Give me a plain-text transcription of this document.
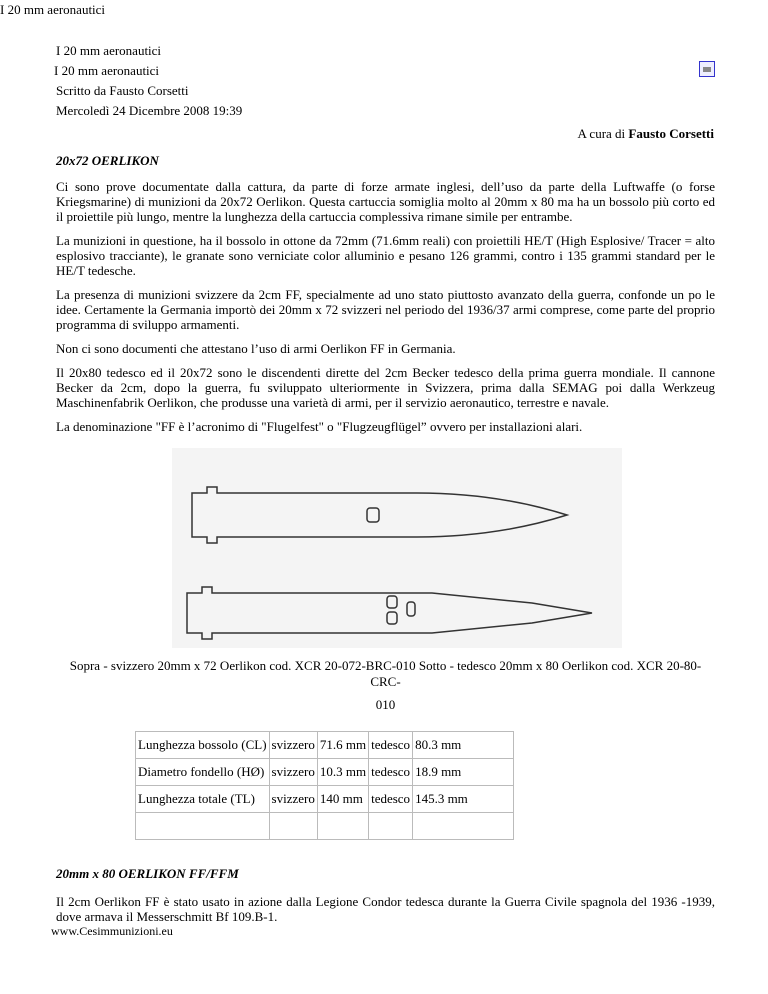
I 20 mm aeronautici
I 20 mm aeronautici
I 20 mm aeronautici
Scritto da Fausto Corsetti
Mercoledì 24 Dicembre 2008 19:39
A cura di Fausto Corsetti
20x72 OERLIKON

Ci sono prove documentate dalla cattura, da parte di forze armate inglesi, dell’uso da parte della Luftwaffe (o forse Kriegsmarine) di munizioni da 20x72 Oerlikon. Questa cartuccia somiglia molto al 20mm x 80 ma ha un bossolo più corto ed il proiettile più lungo, mentre la lunghezza della cartuccia complessiva rimane simile per entrambe.

La munizioni in questione, ha il bossolo in ottone da 72mm (71.6mm reali) con proiettili HE/T (High Esplosive/ Tracer = alto esplosivo tracciante), le granate sono verniciate color alluminio e pesano 126 grammi, contro i 135 grammi standard per le HE/T tedesche.

La presenza di munizioni svizzere da 2cm FF, specialmente ad uno stato piuttosto avanzato della guerra, confonde un po le idee. Certamente la Germania importò dei 20mm x 72 svizzeri nel periodo del 1936/37 armi comprese, come parte del proprio programma di sviluppo armamenti.

Non ci sono documenti che attestano l’uso di armi Oerlikon FF in Germania.

Il 20x80 tedesco ed il 20x72 sono le discendenti dirette del 2cm Becker tedesco della prima guerra mondiale. Il cannone Becker da 2cm, dopo la guerra, fu sviluppato ulteriormente in Svizzera, prima dalla SEMAG poi dalla Werkzeug Maschinenfabrik Oerlikon, che produsse una varietà di armi, per il servizio aeronautico, terrestre e navale.

La denominazione "FF è l’acronimo di "Flugelfest" o "Flugzeugflügel” ovvero per installazioni alari.

Sopra - svizzero 20mm x 72 Oerlikon cod. XCR 20-072-BRC-010 Sotto - tedesco 20mm x 80 Oerlikon cod. XCR 20-80-CRC-
010
Lunghezza bossolo (CL)	svizzero	71.6 mm	tedesco	80.3 mm
Diametro fondello (HØ)	svizzero	10.3 mm	tedesco	18.9 mm
Lunghezza totale (TL)	svizzero	140 mm	tedesco	145.3 mm

20mm x 80 OERLIKON FF/FFM

Il 2cm Oerlikon FF è stato usato in azione dalla Legione Condor tedesca durante la Guerra Civile spagnola del 1936 -1939, dove armava il Messerschmitt Bf 109.B-1.

www.Cesimmunizioni.eu
